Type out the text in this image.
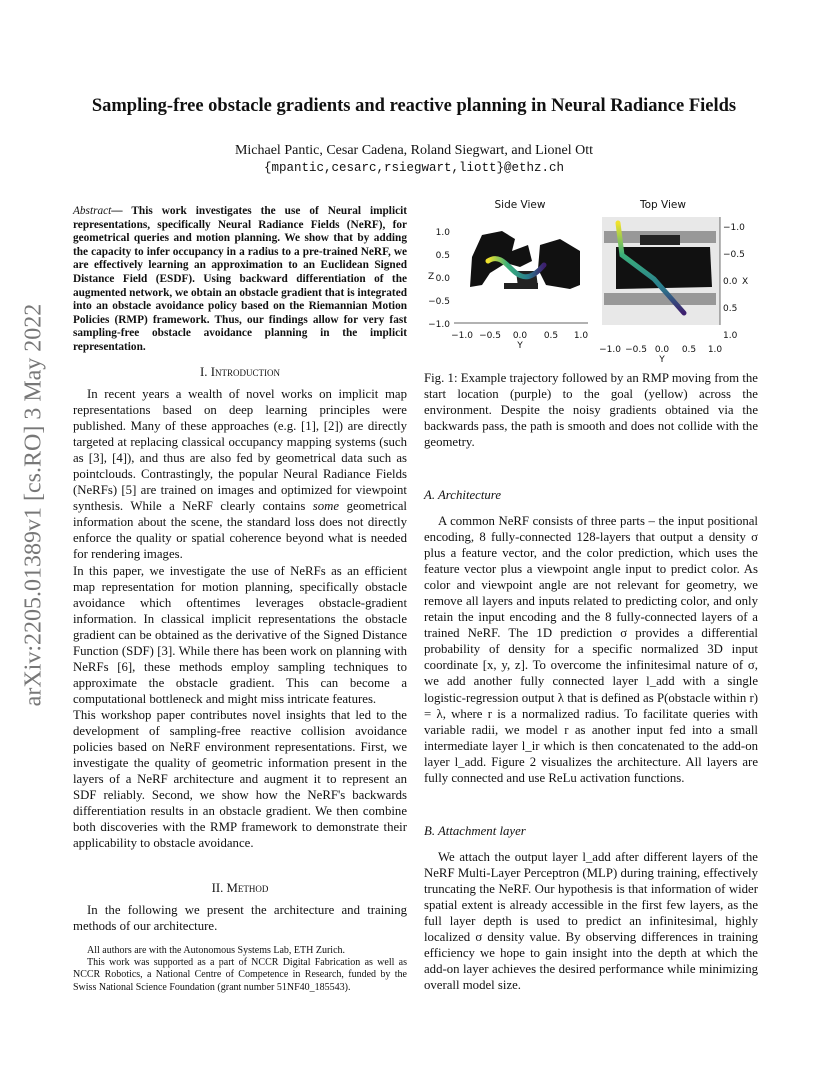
Sampling-free obstacle gradients and reactive planning in Neural Radiance Fields
Michael Pantic, Cesar Cadena, Roland Siegwart, and Lionel Ott
{mpantic,cesarc,rsiegwart,liott}@ethz.ch
arXiv:2205.01389v1 [cs.RO] 3 May 2022
Abstract— This work investigates the use of Neural implicit representations, specifically Neural Radiance Fields (NeRF), for geometrical queries and motion planning. We show that by adding the capacity to infer occupancy in a radius to a pre-trained NeRF, we are effectively learning an approximation to an Euclidean Signed Distance Field (ESDF). Using backward differentiation of the augmented network, we obtain an obstacle gradient that is integrated into an obstacle avoidance policy based on the Riemannian Motion Policies (RMP) framework. Thus, our findings allow for very fast sampling-free obstacle avoidance planning in the implicit representation.
I. Introduction

In recent years a wealth of novel works on implicit map representations based on deep learning principles were published. Many of these approaches (e.g. [1], [2]) are directly targeted at replacing classical occupancy mapping systems (such as [3], [4]), and thus are also fed by geometrical data such as pointclouds. Contrastingly, the popular Neural Radiance Fields (NeRFs) [5] are trained on images and optimized for viewpoint synthesis. While a NeRF clearly contains some geometrical information about the scene, the standard loss does not directly enforce the quality or spatial coherence beyond what is needed for rendering images.

In this paper, we investigate the use of NeRFs as an efficient map representation for motion planning, specifically obstacle avoidance which oftentimes leverages obstacle-gradient information. In classical implicit representations the obstacle gradient can be obtained as the derivative of the Signed Distance Function (SDF) [3]. While there has been work on planning with NeRFs [6], these methods employ sampling techniques to approximate the obstacle gradient. This can become a computational bottleneck and might miss intricate features.

This workshop paper contributes novel insights that led to the development of sampling-free reactive collision avoidance policies based on NeRF environment representations. First, we investigate the quality of geometric information present in the layers of a NeRF architecture and augment it to represent an SDF reliably. Second, we show how the NeRF's backwards differentiation results in an obstacle gradient. We then combine both discoveries with the RMP framework to demonstrate their applicability to obstacle avoidance.

II. Method

In the following we present the architecture and training methods of our architecture.

All authors are with the Autonomous Systems Lab, ETH Zurich.

This work was supported as a part of NCCR Digital Fabrication as well as NCCR Robotics, a National Centre of Competence in Research, funded by the Swiss National Science Foundation (grant number 51NF40_185543).

Side View
1.0
0.5
0.0
−0.5
−1.0
Z
−1.0 −0.5 0.0 0.5 1.0
Y
Top View
−1.0
−0.5
0.0 X
0.5
1.0
−1.0 −0.5 0.0 0.5 1.0
Y
Fig. 1: Example trajectory followed by an RMP moving from the start location (purple) to the goal (yellow) across the environment. Despite the noisy gradients obtained via the backwards pass, the path is smooth and does not collide with the geometry.
A. Architecture

A common NeRF consists of three parts – the input positional encoding, 8 fully-connected 128-layers that output a density σ plus a feature vector, and the color prediction, which uses the feature vector plus a viewpoint angle input to predict color. As color and viewpoint angle are not relevant for geometry, we remove all layers and inputs related to predicting color, and only retain the input encoding and the 8 fully-connected layers of a trained NeRF. The 1D prediction σ provides a differential probability of density for a specific normalized 3D input coordinate [x, y, z]. To overcome the infinitesimal nature of σ, we add another fully connected layer l_add with a single logistic-regression output λ that is defined as P(obstacle within r) = λ, where r is a normalized radius. To facilitate queries with variable radii, we model r as another input fed into a small intermediate layer l_ir which is then concatenated to the add-on layer l_add. Figure 2 visualizes the architecture. All layers are fully connected and use ReLu activation functions.

B. Attachment layer

We attach the output layer l_add after different layers of the NeRF Multi-Layer Perceptron (MLP) during training, effectively truncating the NeRF. Our hypothesis is that information of wider spatial extent is already accessible in the first few layers, as the full layer depth is used to predict an infinitesimal, highly localized σ density value. By observing differences in training efficiency we hope to gain insight into the depth at which the add-on layer achieves the desired performance while minimizing overall model size.
